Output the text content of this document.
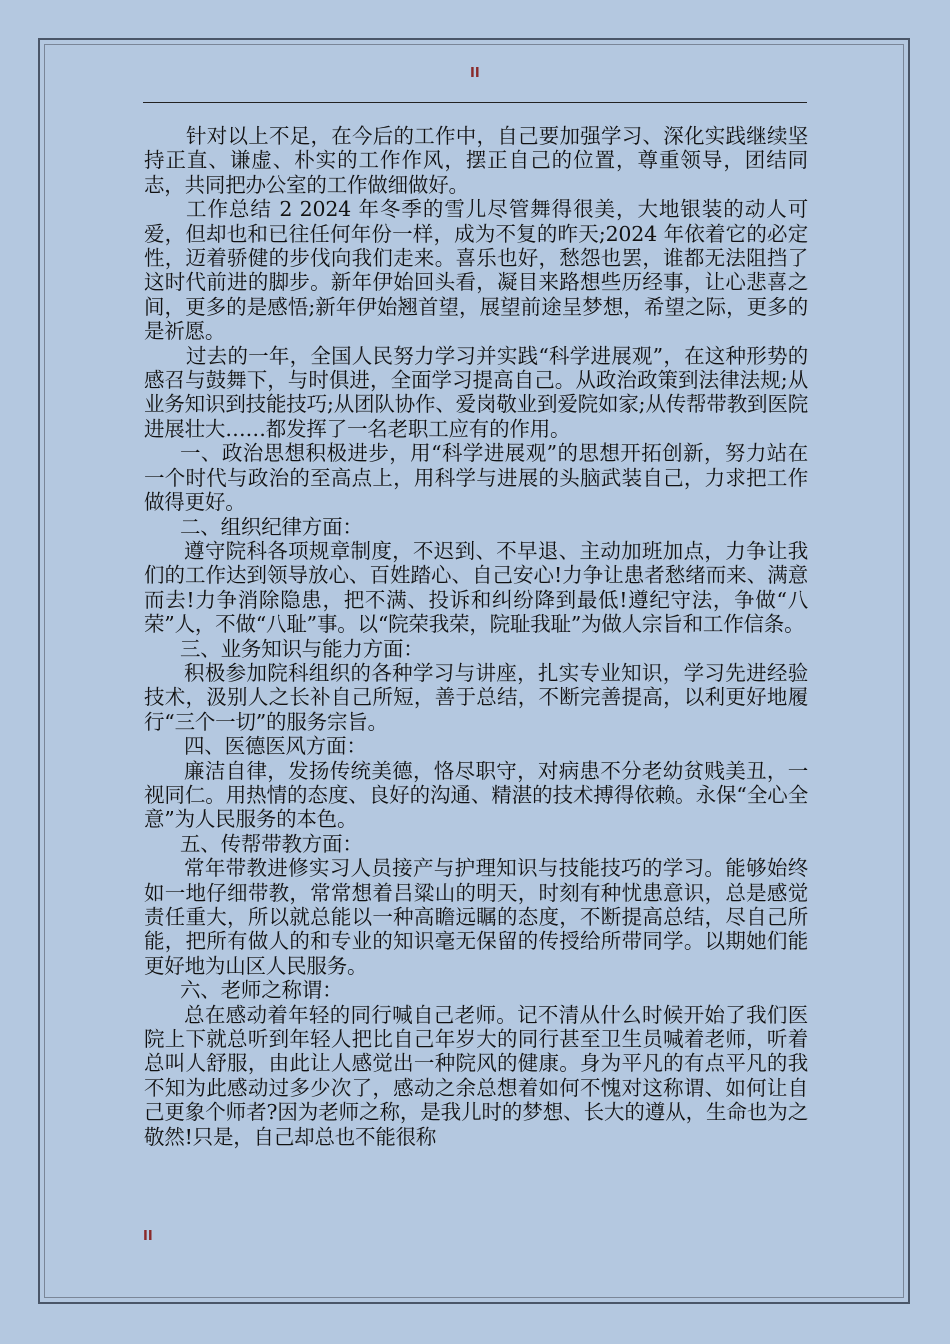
II

针对以上不足，在今后的工作中，自己要加强学习、深化实践继续坚持正直、谦虚、朴实的工作作风，摆正自己的位置，尊重领导，团结同志，共同把办公室的工作做细做好。

工作总结 2 2024 年冬季的雪儿尽管舞得很美，大地银装的动人可爱，但却也和已往任何年份一样，成为不复的昨天;2024 年依着它的必定性，迈着骄健的步伐向我们走来。喜乐也好，愁怨也罢，谁都无法阻挡了这时代前进的脚步。新年伊始回头看，凝目来路想些历经事，让心悲喜之间，更多的是感悟;新年伊始翘首望，展望前途呈梦想，希望之际，更多的是祈愿。

过去的一年，全国人民努力学习并实践“科学进展观”，在这种形势的感召与鼓舞下，与时俱进，全面学习提高自己。从政治政策到法律法规;从业务知识到技能技巧;从团队协作、爱岗敬业到爱院如家;从传帮带教到医院进展壮大……都发挥了一名老职工应有的作用。

一、政治思想积极进步，用“科学进展观”的思想开拓创新，努力站在一个时代与政治的至高点上，用科学与进展的头脑武装自己，力求把工作做得更好。

二、组织纪律方面：

遵守院科各项规章制度，不迟到、不早退、主动加班加点，力争让我们的工作达到领导放心、百姓踏心、自己安心!力争让患者愁绪而来、满意而去!力争消除隐患，把不满、投诉和纠纷降到最低!遵纪守法，争做“八荣”人，不做“八耻”事。以“院荣我荣，院耻我耻”为做人宗旨和工作信条。

三、业务知识与能力方面：

积极参加院科组织的各种学习与讲座，扎实专业知识，学习先进经验技术，汲别人之长补自己所短，善于总结，不断完善提高，以利更好地履行“三个一切”的服务宗旨。

四、医德医风方面：

廉洁自律，发扬传统美德，恪尽职守，对病患不分老幼贫贱美丑，一视同仁。用热情的态度、良好的沟通、精湛的技术搏得依赖。永保“全心全意”为人民服务的本色。

五、传帮带教方面：

常年带教进修实习人员接产与护理知识与技能技巧的学习。能够始终如一地仔细带教，常常想着吕粱山的明天，时刻有种忧患意识，总是感觉责任重大，所以就总能以一种高瞻远瞩的态度，不断提高总结，尽自己所能，把所有做人的和专业的知识毫无保留的传授给所带同学。以期她们能更好地为山区人民服务。

六、老师之称谓：

总在感动着年轻的同行喊自己老师。记不清从什么时候开始了我们医院上下就总听到年轻人把比自己年岁大的同行甚至卫生员喊着老师，听着总叫人舒服，由此让人感觉出一种院风的健康。身为平凡的有点平凡的我不知为此感动过多少次了，感动之余总想着如何不愧对这称谓、如何让自己更象个师者?因为老师之称，是我儿时的梦想、长大的遵从，生命也为之敬然!只是，自己却总也不能很称

II
